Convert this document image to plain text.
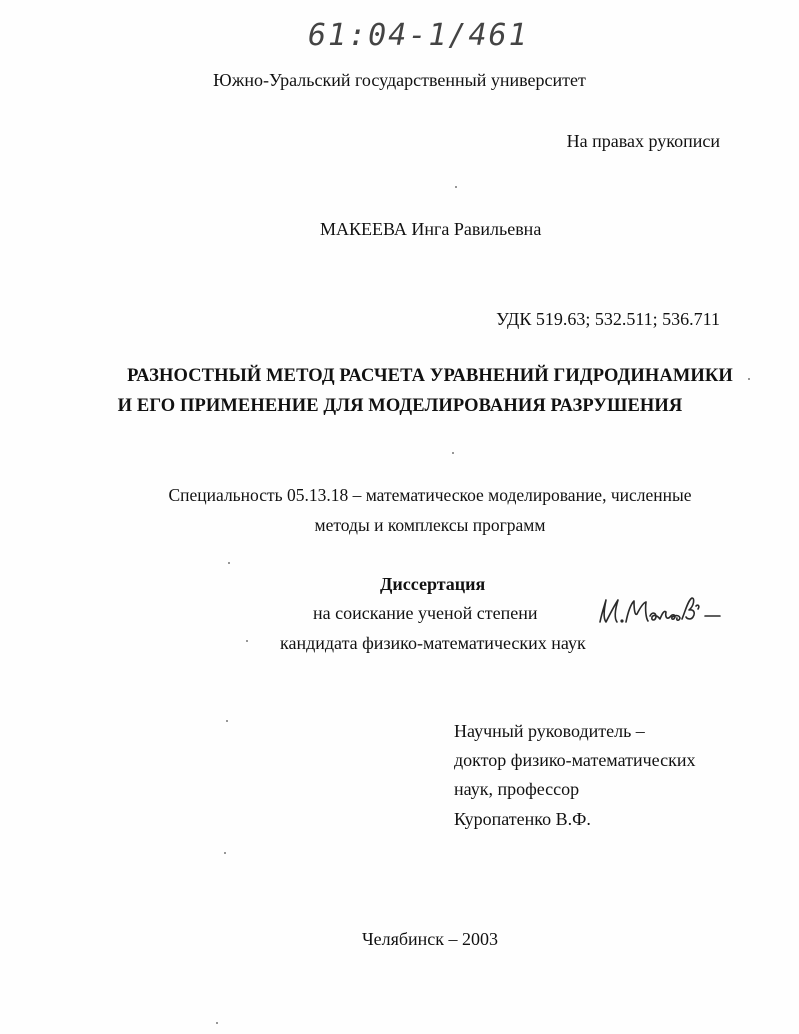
61:04-1/461
Южно-Уральский государственный университет
На правах рукописи
МАКЕЕВА Инга Равильевна
УДК 519.63; 532.511; 536.711
РАЗНОСТНЫЙ МЕТОД РАСЧЕТА УРАВНЕНИЙ ГИДРОДИНАМИКИ
И ЕГО ПРИМЕНЕНИЕ ДЛЯ МОДЕЛИРОВАНИЯ РАЗРУШЕНИЯ
Специальность 05.13.18 – математическое моделирование, численные
методы и комплексы программ
Диссертация
на соискание ученой степени
кандидата физико-математических наук
Научный руководитель –
доктор физико-математических
наук, профессор
Куропатенко В.Ф.
Челябинск – 2003
